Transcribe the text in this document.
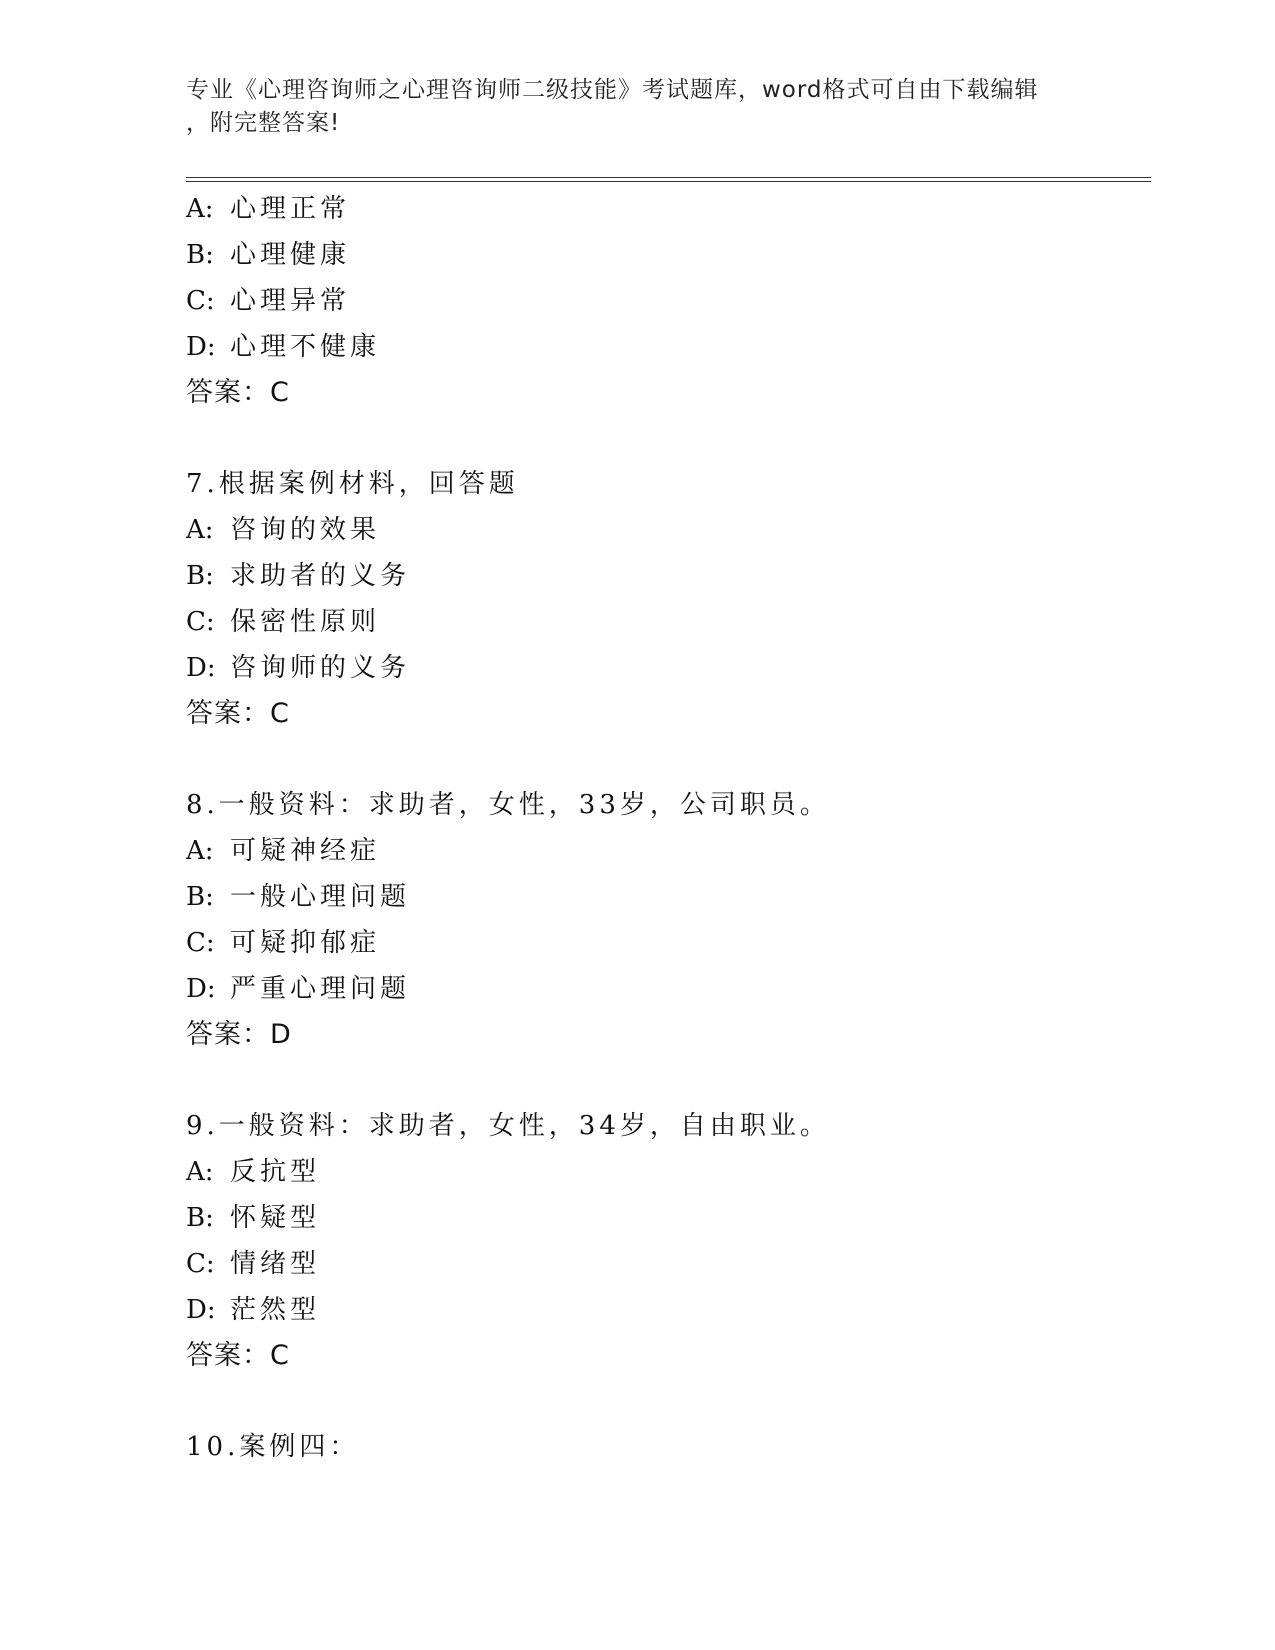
专业《心理咨询师之心理咨询师二级技能》考试题库，word格式可自由下载编辑
，附完整答案!
A: 心理正常
B: 心理健康
C: 心理异常
D: 心理不健康
答案：C
7.根据案例材料，回答题
A: 咨询的效果
B: 求助者的义务
C: 保密性原则
D: 咨询师的义务
答案：C
8.一般资料：求助者，女性，33岁，公司职员。
A: 可疑神经症
B: 一般心理问题
C: 可疑抑郁症
D: 严重心理问题
答案：D
9.一般资料：求助者，女性，34岁，自由职业。
A: 反抗型
B: 怀疑型
C: 情绪型
D: 茫然型
答案：C
10.案例四：
